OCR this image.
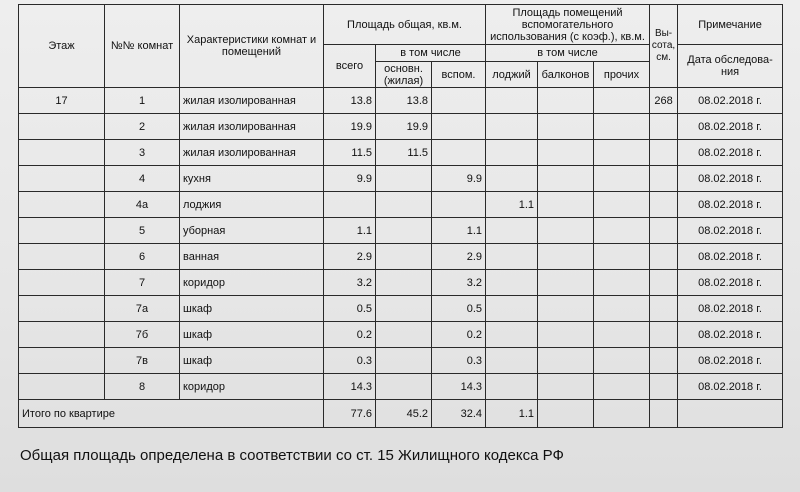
Этаж	№№ комнат	Характеристики комнат и помещений	Площадь общая, кв.м.			Площадь помещений вспомогательного использования (с коэф.), кв.м.			Вы-сота, см.	Примечание
			всего	в том числе		в том числе				Дата обследова-ния
				основн. (жилая)	вспом.	лоджий	балконов	прочих		
17	1	жилая изолированная	13.8	13.8					268	08.02.2018 г.
	2	жилая изолированная	19.9	19.9						08.02.2018 г.
	3	жилая изолированная	11.5	11.5						08.02.2018 г.
	4	кухня	9.9		9.9					08.02.2018 г.
	4а	лоджия				1.1				08.02.2018 г.
	5	уборная	1.1		1.1					08.02.2018 г.
	6	ванная	2.9		2.9					08.02.2018 г.
	7	коридор	3.2		3.2					08.02.2018 г.
	7а	шкаф	0.5		0.5					08.02.2018 г.
	7б	шкаф	0.2		0.2					08.02.2018 г.
	7в	шкаф	0.3		0.3					08.02.2018 г.
	8	коридор	14.3		14.3					08.02.2018 г.
Итого по квартире			77.6	45.2	32.4	1.1				
Общая площадь определена в соответствии со ст. 15 Жилищного кодекса РФ
